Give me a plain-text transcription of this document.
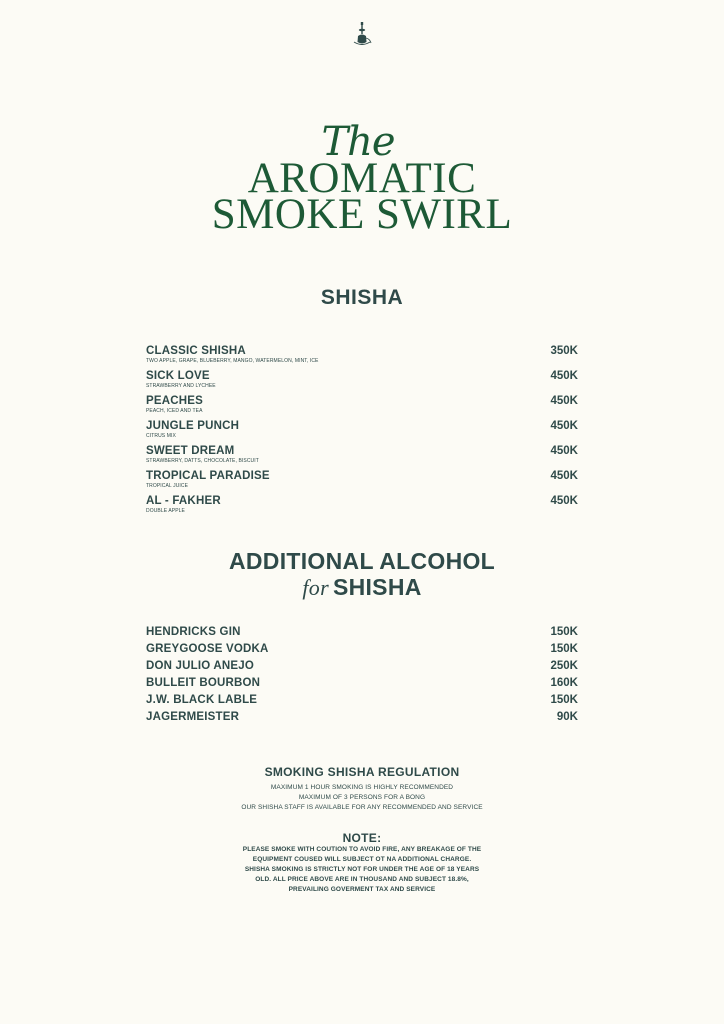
The
AROMATIC
SMOKE SWIRL
SHISHA
CLASSIC SHISHA
TWO APPLE, GRAPE, BLUEBERRY, MANGO, WATERMELON, MINT, ICE
350K
SICK LOVE
STRAWBERRY AND LYCHEE
450K
PEACHES
PEACH, ICED AND TEA
450K
JUNGLE PUNCH
CITRUS MIX
450K
SWEET DREAM
STRAWBERRY, DATTS, CHOCOLATE, BISCUIT
450K
TROPICAL PARADISE
TROPICAL JUICE
450K
AL - FAKHER
DOUBLE APPLE
450K
ADDITIONAL ALCOHOL
for SHISHA
HENDRICKS GIN	150K
GREYGOOSE VODKA	150K
DON JULIO ANEJO	250K
BULLEIT BOURBON	160K
J.W. BLACK LABLE	150K
JAGERMEISTER	90K
SMOKING SHISHA REGULATION
MAXIMUM 1 HOUR SMOKING IS HIGHLY RECOMMENDED
MAXIMUM OF 3 PERSONS FOR A BONG
OUR SHISHA STAFF IS AVAILABLE FOR ANY RECOMMENDED AND SERVICE
NOTE:
PLEASE SMOKE WITH COUTION TO AVOID FIRE, ANY BREAKAGE OF THE
EQUIPMENT COUSED WILL SUBJECT OT NA ADDITIONAL CHARGE.
SHISHA SMOKING IS STRICTLY NOT FOR UNDER THE AGE OF 18 YEARS
OLD. ALL PRICE ABOVE ARE IN THOUSAND AND SUBJECT 18.8%,
PREVAILING GOVERMENT TAX AND SERVICE
